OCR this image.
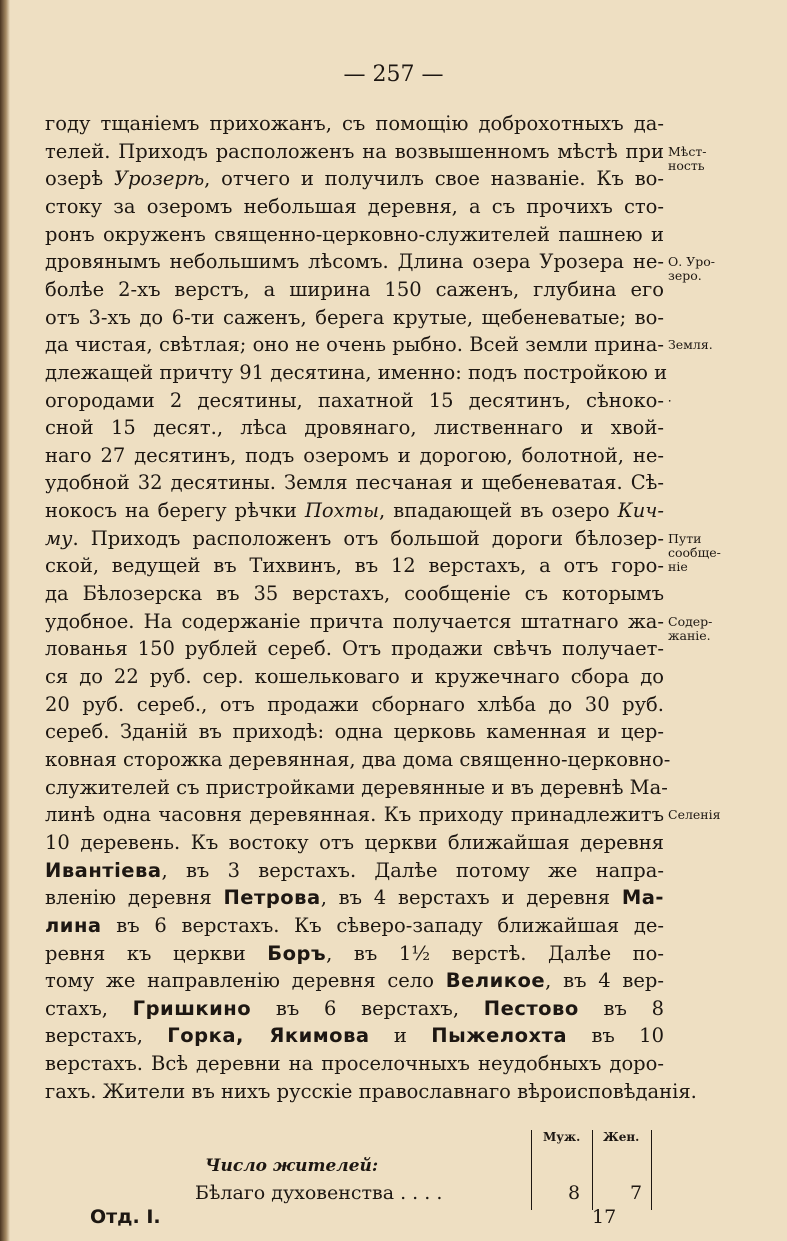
— 257 —
году тщаніемъ прихожанъ, съ помощію доброхотныхъ да-
телей. Приходъ расположенъ на возвышенномъ мѣстѣ при
озерѣ Урозерѣ, отчего и получилъ свое названіе. Къ во-
стоку за озеромъ небольшая деревня, а съ прочихъ сто-
ронъ окруженъ священно-церковно-служителей пашнею и
дровянымъ небольшимъ лѣсомъ. Длина озера Урозера не-
болѣе 2-хъ верстъ, а ширина 150 саженъ, глубина его
отъ 3-хъ до 6-ти саженъ, берега крутые, щебеневатые; во-
да чистая, свѣтлая; оно не очень рыбно. Всей земли прина-
длежащей причту 91 десятина, именно: подъ постройкою и
огородами 2 десятины, пахатной 15 десятинъ, сѣноко-
сной 15 десят., лѣса дровянаго, лиственнаго и хвой-
наго 27 десятинъ, подъ озеромъ и дорогою, болотной, не-
удобной 32 десятины. Земля песчаная и щебеневатая. Сѣ-
нокосъ на берегу рѣчки Похты, впадающей въ озеро Кич-
му. Приходъ расположенъ отъ большой дороги бѣлозер-
ской, ведущей въ Тихвинъ, въ 12 верстахъ, а отъ горо-
да Бѣлозерска въ 35 верстахъ, сообщеніе съ которымъ
удобное. На содержаніе причта получается штатнаго жа-
лованья 150 рублей сереб. Отъ продажи свѣчъ получает-
ся до 22 руб. сер. кошельковаго и кружечнаго сбора до
20 руб. сереб., отъ продажи сборнаго хлѣба до 30 руб.
сереб. Зданій въ приходѣ: одна церковь каменная и цер-
ковная сторожка деревянная, два дома священно-церковно-
служителей съ пристройками деревянные и въ деревнѣ Ма-
линѣ одна часовня деревянная. Къ приходу принадлежитъ
10 деревень. Къ востоку отъ церкви ближайшая деревня
Ивантіева, въ 3 верстахъ. Далѣе потому же напра-
вленію деревня Петрова, въ 4 верстахъ и деревня Ма-
лина въ 6 верстахъ. Къ сѣверо-западу ближайшая де-
ревня къ церкви Боръ, въ 1½ верстѣ. Далѣе по-
тому же направленію деревня село Великое, въ 4 вер-
стахъ, Гришкино въ 6 верстахъ, Пестово въ 8
верстахъ, Горка, Якимова и Пыжелохта въ 10
верстахъ. Всѣ деревни на проселочныхъ неудобныхъ доро-
гахъ. Жители въ нихъ русскіе православнаго вѣроисповѣданія.
Мѣст-
ность
О. Уро-
зеро.
Земля.
⸱
Пути
сообще-
ніе
Содер-
жаніе.
Селенія
Муж. Жен.
Число жителей:
Бѣлаго духовенства . . . .	8	7
Отд. I.	17
